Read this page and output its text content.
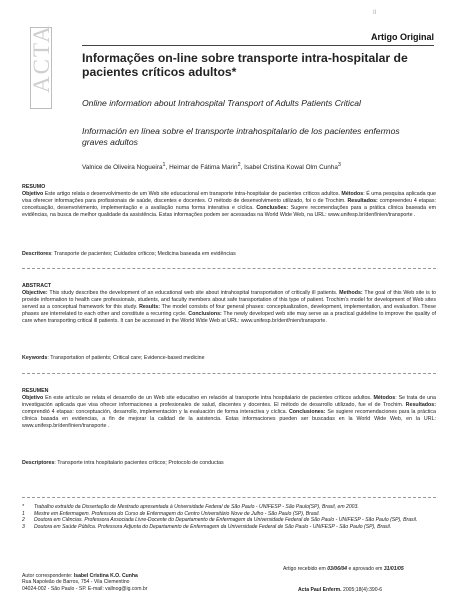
ACTA
II
Artigo Original
Informações on-line sobre transporte intra-hospitalar de pacientes críticos adultos*
Online information about Intrahospital Transport of Adults Patients Critical
Información en línea sobre el transporte intrahospitalario de los pacientes enfermos graves adultos
Valnice de Oliveira Nogueira$^1$, Heimar de Fátima Marin$^2$, Isabel Cristina Kowal Olm Cunha$^3$
RESUMO
Objetivo Este artigo relata o desenvolvimento de um Web site educacional em transporte intra-hospitalar de pacientes críticos adultos. Métodos: É uma pesquisa aplicada que visa oferecer informações para profissionais de saúde, discentes e docentes. O método de desenvolvimento utilizado, foi o de Trochim. Resultados: compreendeu 4 etapas: conceituação, desenvolvimento, implementação e a avaliação numa forma interativa e cíclica. Conclusões: Sugere recomendações para a prática clínica baseada em evidências, na busca de melhor qualidade da assistência. Estas informações podem ser acessadas na World Wide Web, na URL: www.unifesp.br/denf/nien/transporte .
Descritores: Transporte de pacientes; Cuidados críticos; Medicina baseada em evidências
ABSTRACT
Objective: This study describes the development of an educational web site about intrahospital transportation of critically ill patients. Methods: The goal of this Web site is to provide information to health care professionals, students, and faculty members about safe transportation of this type of patient. Trochim's model for development of Web sites served as a conceptual framework for this study. Results: The model consists of four general phases: conceptualization, development, implementation, and evaluation. These phases are interrelated to each other and constitute a recurring cycle. Conclusions: The newly developed web site may serve as a practical guideline to improve the quality of care when transporting critical ill patients. It can be accessed in the World Wide Web at URL: www.unifesp.br/denf/nien/transporte.
Keywords: Transportation of patients; Critical care; Evidence-based medicine
RESUMEN
Objetivo En este artículo se relata el desarrollo de un Web site educativo en relación al transporte intra hospitalario de pacientes críticos adultos. Métodos: Se trata de una investigación aplicada que visa ofrecer informaciones a profesionales de salud, discentes y docentes. El método de desarrollo utilizado, fue el de Trochim. Resultados: comprendió 4 etapas: conceptuación, desarrollo, implementación y la evaluación de forma interactiva y cíclica. Conclusiones: Se sugiere recomendaciones para la práctica clínica basada en evidencias, a fin de mejorar la calidad de la asistencia. Estas informaciones pueden ser buscadas en la World Wide Web, en la URL: www.unifesp.br/denf/nien/transporte .
Descriptores: Transporte intra hospitalario pacientes críticos; Protocolo de conductas
*	Trabalho extraído da Dissertação de Mestrado apresentada à Universidade Federal de São Paulo - UNIFESP - São Paulo(SP), Brasil, em 2003.
1	Mestre em Enfermagem. Professora do Curso de Enfermagem do Centro Universitário Nove de Julho - São Paulo (SP), Brasil.
2	Doutora em Ciências. Professora Associada Livre-Docente do Departamento de Enfermagem da Universidade Federal de São Paulo - UNIFESP - São Paulo (SP), Brasil.
3	Doutora em Saúde Pública. Professora Adjunta do Departamento de Enfermagem da Universidade Federal de São Paulo - UNIFESP - São Paulo (SP), Brasil.
Artigo recebido em 03/06/04 e aprovado em 31/01/05
Autor correspondente: Isabel Cristina K.O. Cunha
Rua Napoleão de Barros, 754 - Vila Clementino
04024-002 - São Paulo - SP. E-mail: vallnog@ig.com.br	Acta Paul Enferm. 2005;18(4):390-6
